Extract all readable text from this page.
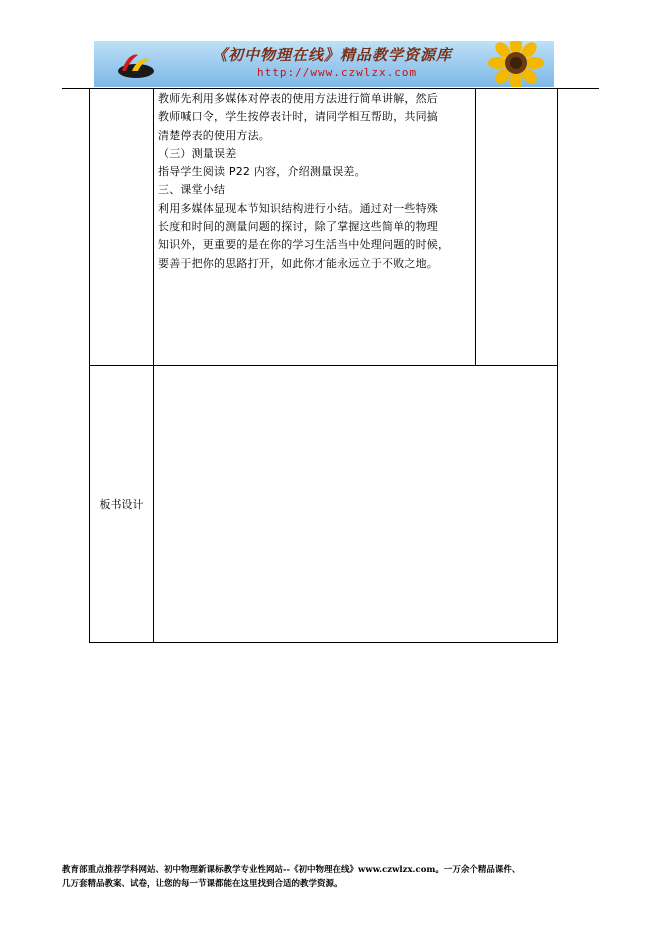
《初中物理在线》精品教学资源库
http://www.czwlzx.com

教师先利用多媒体对停表的使用方法进行简单讲解，然后

教师喊口令，学生按停表计时，请同学相互帮助，共同搞

清楚停表的使用方法。

（三）测量误差

指导学生阅读 P22 内容，介绍测量误差。

三、课堂小结

利用多媒体显现本节知识结构进行小结。通过对一些特殊

长度和时间的测量问题的探讨，除了掌握这些简单的物理

知识外，更重要的是在你的学习生活当中处理问题的时候，

要善于把你的思路打开，如此你才能永远立于不败之地。

板书设计

教育部重点推荐学科网站、初中物理新课标教学专业性网站--《初中物理在线》www.czwlzx.com。一万余个精品课件、

几万套精品教案、试卷，让您的每一节课都能在这里找到合适的教学资源。
